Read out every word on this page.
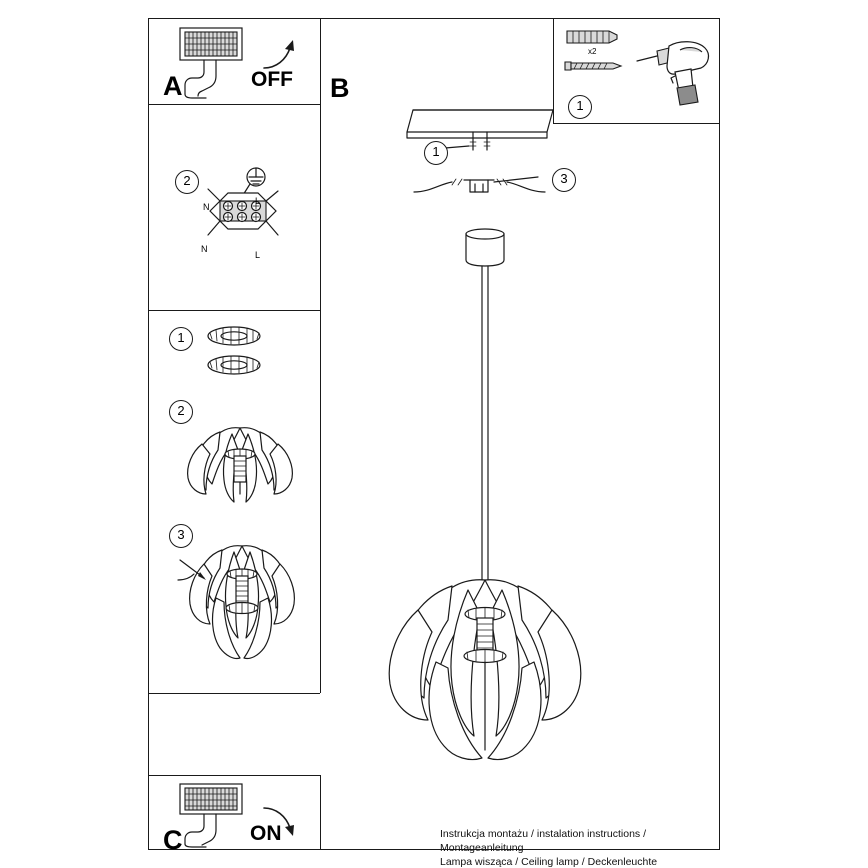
A	OFF B
1
x2
2
N
L
N
L
1
2
3
C	ON
1
3
Instrukcja montażu / instalation instructions / Montageanleitung
Lampa wisząca / Ceiling lamp / Deckenleuchte
